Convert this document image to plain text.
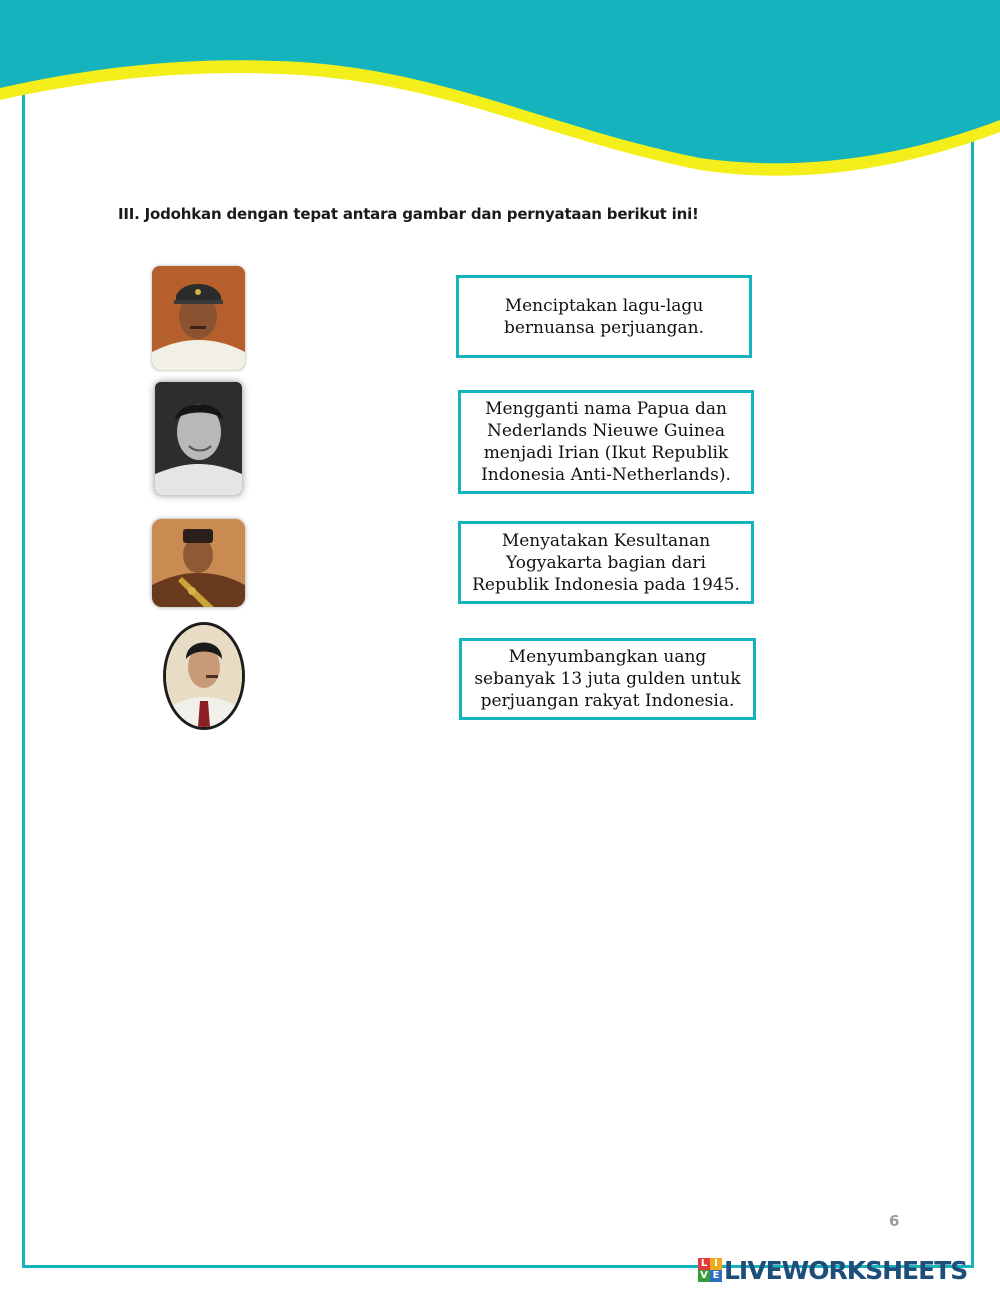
III. Jodohkan dengan tepat antara gambar dan pernyataan berikut ini!
Menciptakan lagu-lagu
bernuansa perjuangan.
Mengganti nama Papua dan
Nederlands Nieuwe Guinea
menjadi Irian (Ikut Republik
Indonesia Anti-Netherlands).
Menyatakan Kesultanan
Yogyakarta bagian dari
Republik Indonesia pada 1945.
Menyumbangkan uang
sebanyak 13 juta gulden untuk
perjuangan rakyat Indonesia.
6
L I
V E LIVEWORKSHEETS
